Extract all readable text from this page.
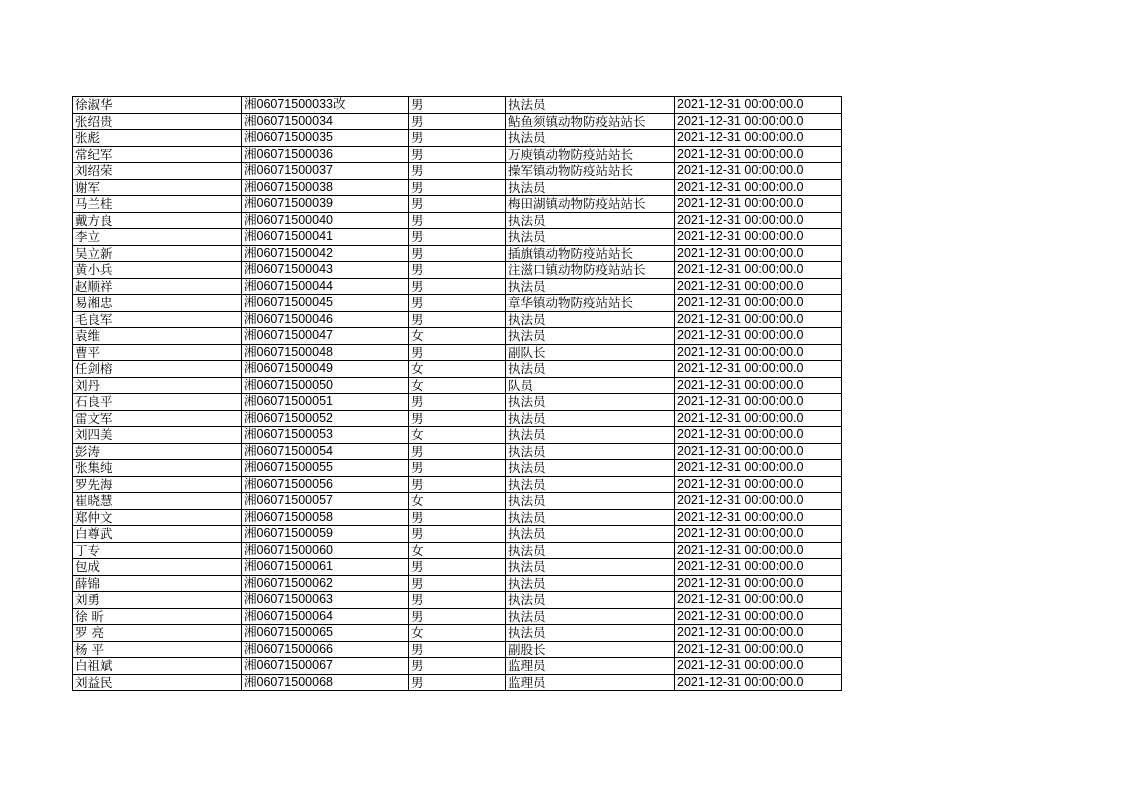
徐淑华	湘06071500033改	男	执法员	2021-12-31 00:00:00.0
张绍贵	湘06071500034	男	鲇鱼须镇动物防疫站站长	2021-12-31 00:00:00.0
张彪	湘06071500035	男	执法员	2021-12-31 00:00:00.0
常纪军	湘06071500036	男	万庾镇动物防疫站站长	2021-12-31 00:00:00.0
刘绍荣	湘06071500037	男	操军镇动物防疫站站长	2021-12-31 00:00:00.0
谢军	湘06071500038	男	执法员	2021-12-31 00:00:00.0
马兰桂	湘06071500039	男	梅田湖镇动物防疫站站长	2021-12-31 00:00:00.0
戴方良	湘06071500040	男	执法员	2021-12-31 00:00:00.0
李立	湘06071500041	男	执法员	2021-12-31 00:00:00.0
吴立新	湘06071500042	男	插旗镇动物防疫站站长	2021-12-31 00:00:00.0
黄小兵	湘06071500043	男	注滋口镇动物防疫站站长	2021-12-31 00:00:00.0
赵顺祥	湘06071500044	男	执法员	2021-12-31 00:00:00.0
易湘忠	湘06071500045	男	章华镇动物防疫站站长	2021-12-31 00:00:00.0
毛良军	湘06071500046	男	执法员	2021-12-31 00:00:00.0
袁维	湘06071500047	女	执法员	2021-12-31 00:00:00.0
曹平	湘06071500048	男	副队长	2021-12-31 00:00:00.0
任剑榕	湘06071500049	女	执法员	2021-12-31 00:00:00.0
刘丹	湘06071500050	女	队员	2021-12-31 00:00:00.0
石良平	湘06071500051	男	执法员	2021-12-31 00:00:00.0
雷文军	湘06071500052	男	执法员	2021-12-31 00:00:00.0
刘四美	湘06071500053	女	执法员	2021-12-31 00:00:00.0
彭涛	湘06071500054	男	执法员	2021-12-31 00:00:00.0
张集纯	湘06071500055	男	执法员	2021-12-31 00:00:00.0
罗先海	湘06071500056	男	执法员	2021-12-31 00:00:00.0
崔晓慧	湘06071500057	女	执法员	2021-12-31 00:00:00.0
郑仲文	湘06071500058	男	执法员	2021-12-31 00:00:00.0
白尊武	湘06071500059	男	执法员	2021-12-31 00:00:00.0
丁专	湘06071500060	女	执法员	2021-12-31 00:00:00.0
包成	湘06071500061	男	执法员	2021-12-31 00:00:00.0
薛锦	湘06071500062	男	执法员	2021-12-31 00:00:00.0
刘勇	湘06071500063	男	执法员	2021-12-31 00:00:00.0
徐 昕	湘06071500064	男	执法员	2021-12-31 00:00:00.0
罗 亮	湘06071500065	女	执法员	2021-12-31 00:00:00.0
杨 平	湘06071500066	男	副股长	2021-12-31 00:00:00.0
白祖斌	湘06071500067	男	监理员	2021-12-31 00:00:00.0
刘益民	湘06071500068	男	监理员	2021-12-31 00:00:00.0
